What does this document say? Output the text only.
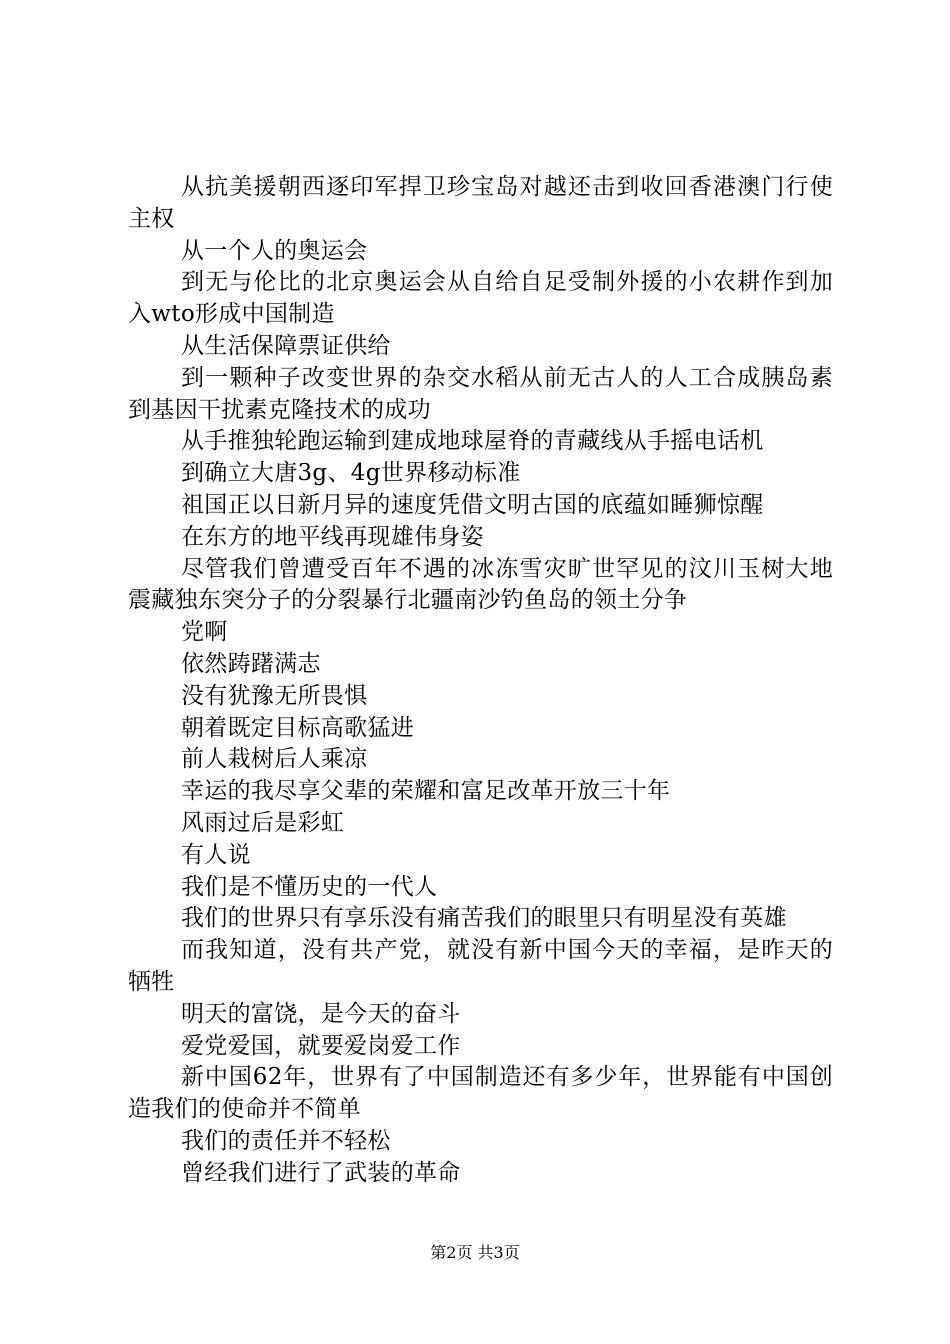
从抗美援朝西逐印军捍卫珍宝岛对越还击到收回香港澳门行使主权

从一个人的奥运会

到无与伦比的北京奥运会从自给自足受制外援的小农耕作到加入wto形成中国制造

从生活保障票证供给

到一颗种子改变世界的杂交水稻从前无古人的人工合成胰岛素到基因干扰素克隆技术的成功

从手推独轮跑运输到建成地球屋脊的青藏线从手摇电话机

到确立大唐3g、4g世界移动标准

祖国正以日新月异的速度凭借文明古国的底蕴如睡狮惊醒

在东方的地平线再现雄伟身姿

尽管我们曾遭受百年不遇的冰冻雪灾旷世罕见的汶川玉树大地震藏独东突分子的分裂暴行北疆南沙钓鱼岛的领土分争

党啊

依然踌躇满志

没有犹豫无所畏惧

朝着既定目标高歌猛进

前人栽树后人乘凉

幸运的我尽享父辈的荣耀和富足改革开放三十年

风雨过后是彩虹

有人说

我们是不懂历史的一代人

我们的世界只有享乐没有痛苦我们的眼里只有明星没有英雄

而我知道，没有共产党，就没有新中国今天的幸福，是昨天的牺牲

明天的富饶，是今天的奋斗

爱党爱国，就要爱岗爱工作

新中国62年，世界有了中国制造还有多少年，世界能有中国创造我们的使命并不简单

我们的责任并不轻松

曾经我们进行了武装的革命

第2页 共3页
